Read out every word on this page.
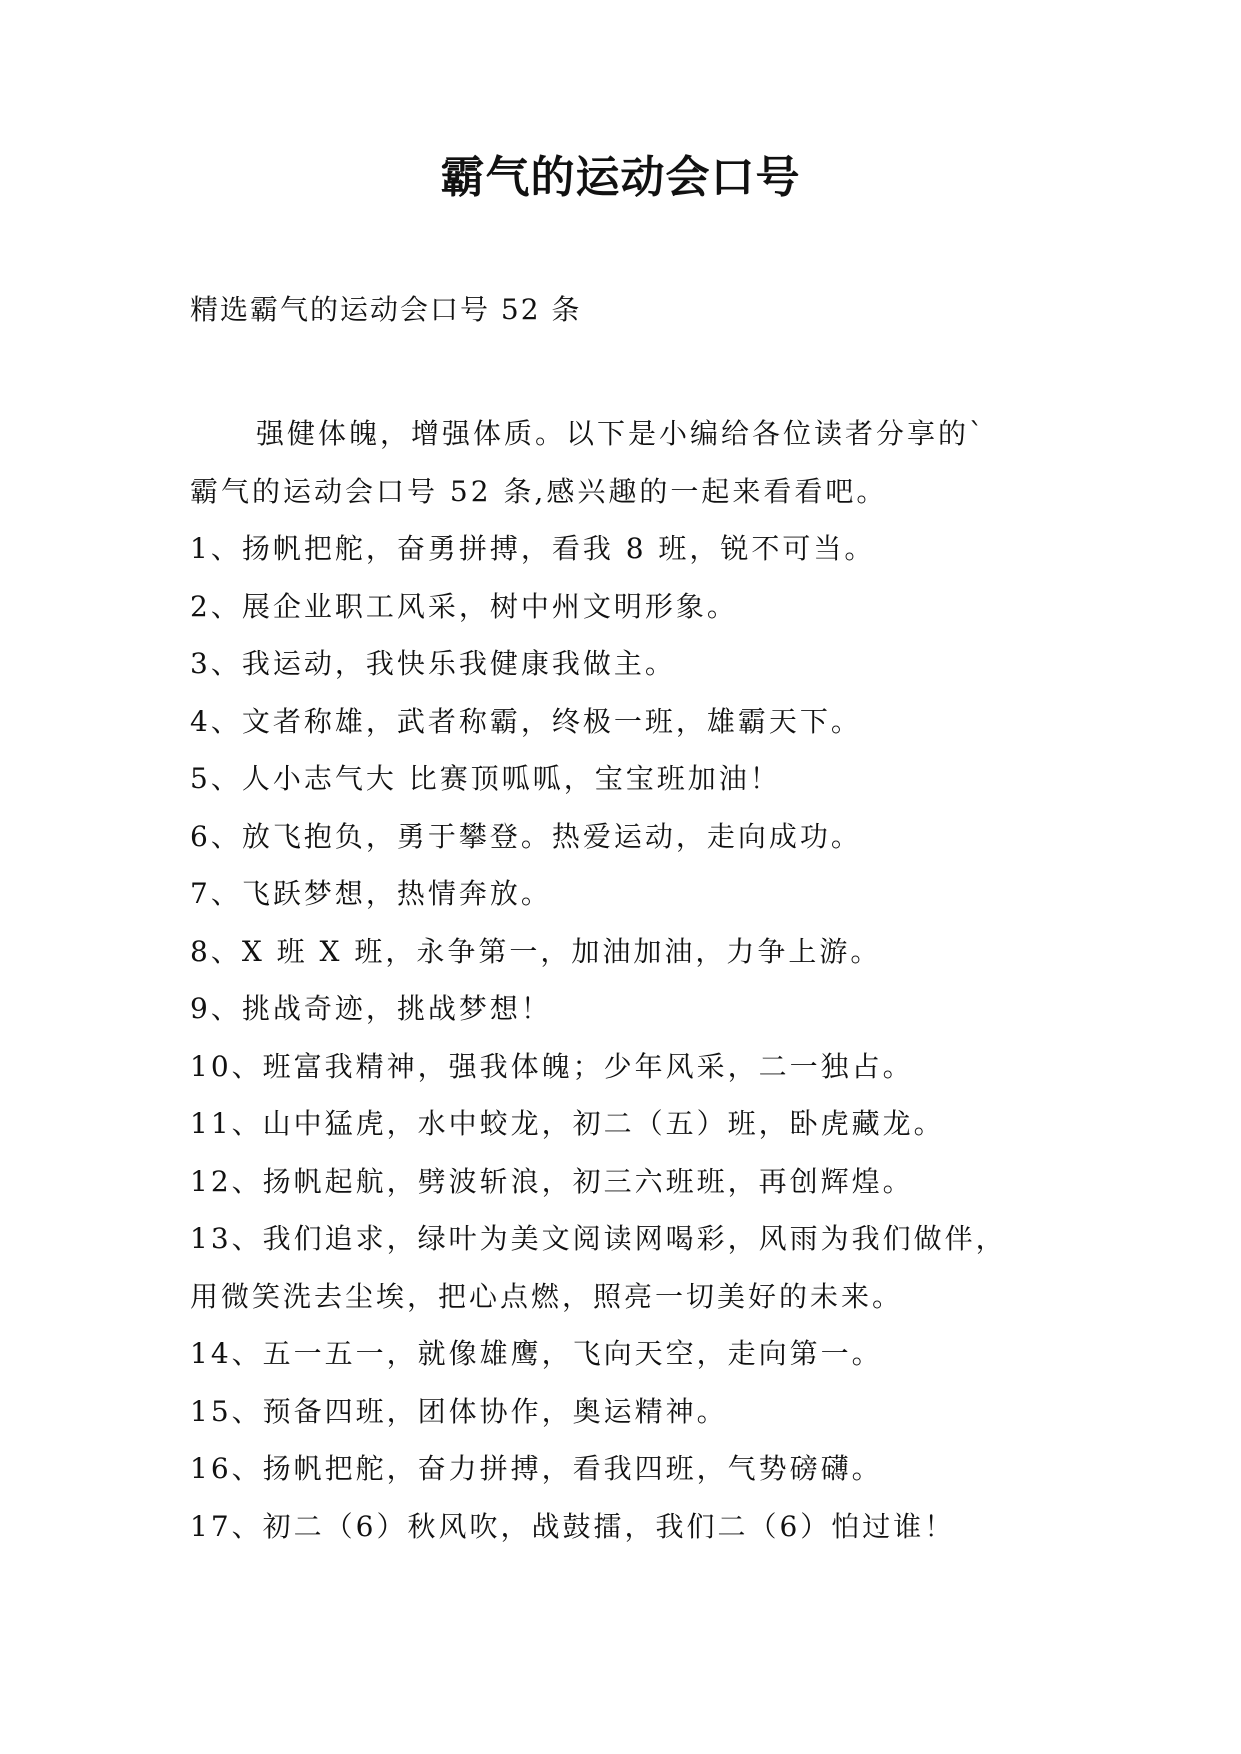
霸气的运动会口号

精选霸气的运动会口号 52 条

强健体魄，增强体质。以下是小编给各位读者分享的`

霸气的运动会口号 52 条,感兴趣的一起来看看吧。

1、扬帆把舵，奋勇拼搏，看我 8 班，锐不可当。

2、展企业职工风采，树中州文明形象。

3、我运动，我快乐我健康我做主。

4、文者称雄，武者称霸，终极一班，雄霸天下。

5、人小志气大 比赛顶呱呱，宝宝班加油！

6、放飞抱负，勇于攀登。热爱运动，走向成功。

7、飞跃梦想，热情奔放。

8、X 班 X 班，永争第一，加油加油，力争上游。

9、挑战奇迹，挑战梦想！

10、班富我精神，强我体魄；少年风采，二一独占。

11、山中猛虎，水中蛟龙，初二（五）班，卧虎藏龙。

12、扬帆起航，劈波斩浪，初三六班班，再创辉煌。

13、我们追求，绿叶为美文阅读网喝彩，风雨为我们做伴，

用微笑洗去尘埃，把心点燃，照亮一切美好的未来。

14、五一五一，就像雄鹰，飞向天空，走向第一。

15、预备四班，团体协作，奥运精神。

16、扬帆把舵，奋力拼搏，看我四班，气势磅礴。

17、初二（6）秋风吹，战鼓擂，我们二（6）怕过谁！
